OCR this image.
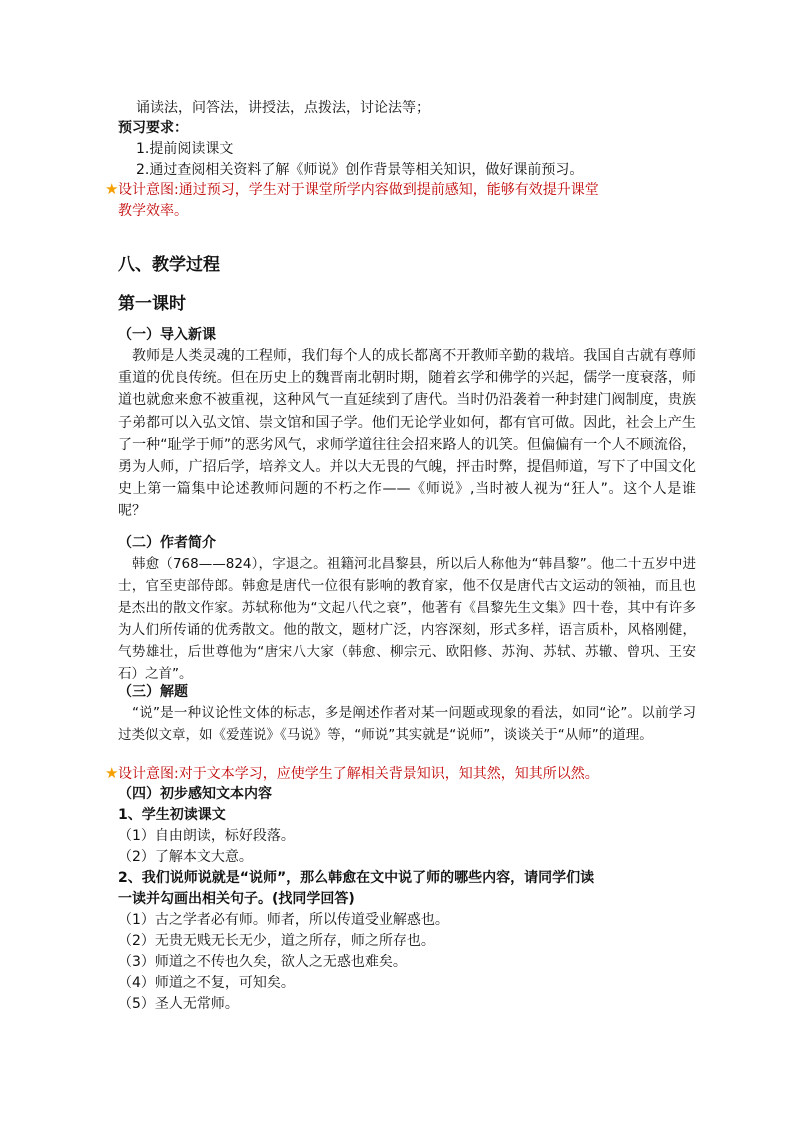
诵读法，问答法，讲授法，点拨法，讨论法等；
预习要求：
1.提前阅读课文
2.通过查阅相关资料了解《师说》创作背景等相关知识，做好课前预习。
★ 设计意图:通过预习，学生对于课堂所学内容做到提前感知，能够有效提升课堂
教学效率。
八、教学过程
第一课时
（一）导入新课
教师是人类灵魂的工程师，我们每个人的成长都离不开教师辛勤的栽培。我国自古就有尊师重道的优良传统。但在历史上的魏晋南北朝时期，随着玄学和佛学的兴起，儒学一度衰落，师道也就愈来愈不被重视，这种风气一直延续到了唐代。当时仍沿袭着一种封建门阀制度，贵族子弟都可以入弘文馆、崇文馆和国子学。他们无论学业如何，都有官可做。因此，社会上产生了一种“耻学于师”的恶劣风气，求师学道往往会招来路人的讥笑。但偏偏有一个人不顾流俗，勇为人师，广招后学，培养文人。并以大无畏的气魄，抨击时弊，提倡师道，写下了中国文化史上第一篇集中论述教师问题的不朽之作——《师说》,当时被人视为“狂人”。这个人是谁呢？
（二）作者简介
韩愈（768——824），字退之。祖籍河北昌黎县，所以后人称他为“韩昌黎”。他二十五岁中进士，官至吏部侍郎。韩愈是唐代一位很有影响的教育家，他不仅是唐代古文运动的领袖，而且也是杰出的散文作家。苏轼称他为“文起八代之衰”，他著有《昌黎先生文集》四十卷，其中有许多为人们所传诵的优秀散文。他的散文，题材广泛，内容深刻，形式多样，语言质朴，风格刚健，气势雄壮，后世尊他为“唐宋八大家（韩愈、柳宗元、欧阳修、苏洵、苏轼、苏辙、曾巩、王安石）之首”。
（三）解题
“说”是一种议论性文体的标志，多是阐述作者对某一问题或现象的看法，如同“论”。以前学习过类似文章，如《爱莲说》《马说》等，“师说”其实就是“说师”，谈谈关于“从师”的道理。
★ 设计意图:对于文本学习，应使学生了解相关背景知识，知其然，知其所以然。
（四）初步感知文本内容
1、学生初读课文
（1）自由朗读，标好段落。
（2）了解本文大意。
2、我们说师说就是“说师”，那么韩愈在文中说了师的哪些内容，请同学们读
一读并勾画出相关句子。(找同学回答)
（1）古之学者必有师。师者，所以传道受业解惑也。
（2）无贵无贱无长无少，道之所存，师之所存也。
（3）师道之不传也久矣，欲人之无惑也难矣。
（4）师道之不复，可知矣。
（5）圣人无常师。
